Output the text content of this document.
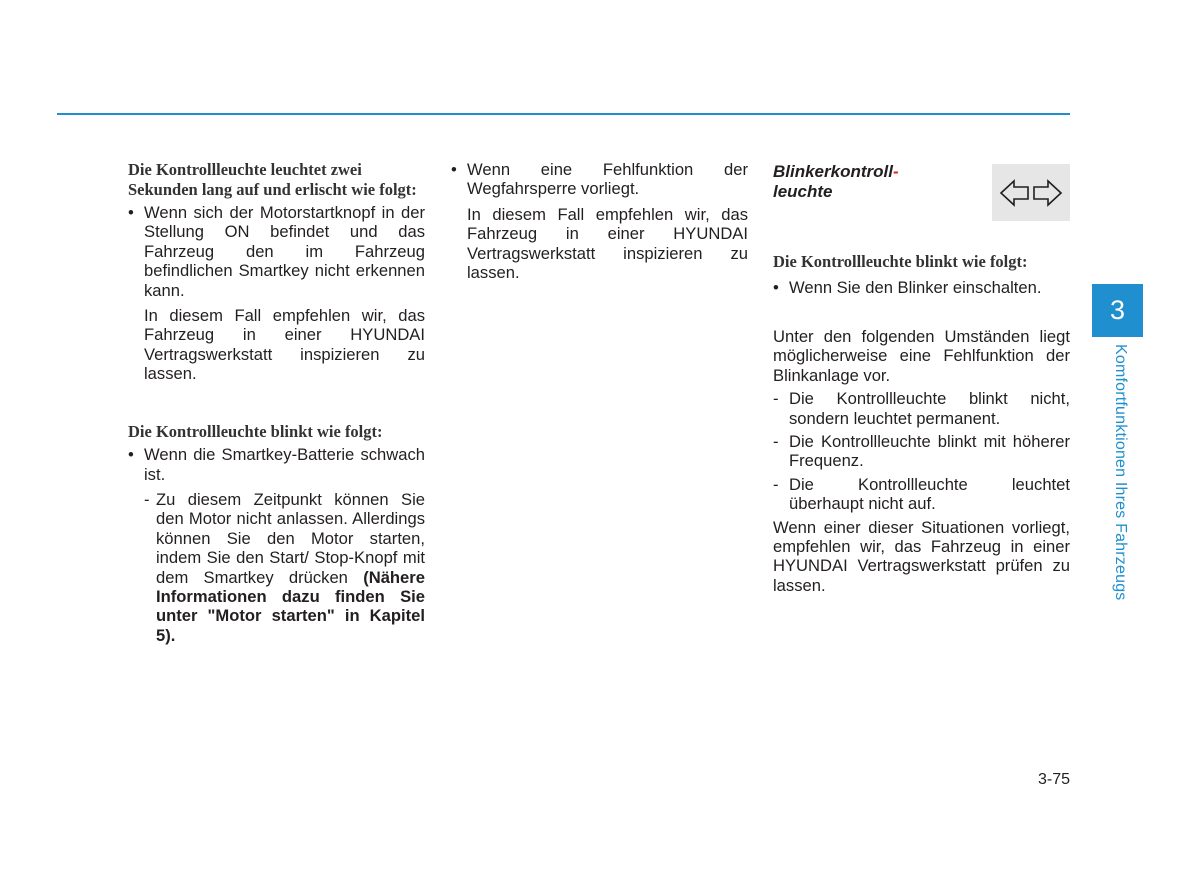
Die Kontrollleuchte leuchtet zwei Sekunden lang auf und erlischt wie folgt:

• Wenn sich der Motorstartknopf in der Stellung ON befindet und das Fahrzeug den im Fahrzeug befindlichen Smartkey nicht erkennen kann.
In diesem Fall empfehlen wir, das Fahrzeug in einer HYUNDAI Vertragswerkstatt inspizieren zu lassen.

Die Kontrollleuchte blinkt wie folgt:

• Wenn die Smartkey-Batterie schwach ist.
- Zu diesem Zeitpunkt können Sie den Motor nicht anlassen. Allerdings können Sie den Motor starten, indem Sie den Start/ Stop-Knopf mit dem Smartkey drücken (Nähere Informationen dazu finden Sie unter "Motor starten" in Kapitel 5).
• Wenn eine Fehlfunktion der Wegfahrsperre vorliegt.
In diesem Fall empfehlen wir, das Fahrzeug in einer HYUNDAI Vertragswerkstatt inspizieren zu lassen.
Blinkerkontroll-
leuchte

Die Kontrollleuchte blinkt wie folgt:

• Wenn Sie den Blinker einschalten.
Unter den folgenden Umständen liegt möglicherweise eine Fehlfunktion der Blinkanlage vor.
- Die Kontrollleuchte blinkt nicht, sondern leuchtet permanent.
- Die Kontrollleuchte blinkt mit höherer Frequenz.
- Die Kontrollleuchte leuchtet überhaupt nicht auf.
Wenn einer dieser Situationen vorliegt, empfehlen wir, das Fahrzeug in einer HYUNDAI Vertragswerkstatt prüfen zu lassen.
3
Komfortfunktionen Ihres Fahrzeugs
3-75
